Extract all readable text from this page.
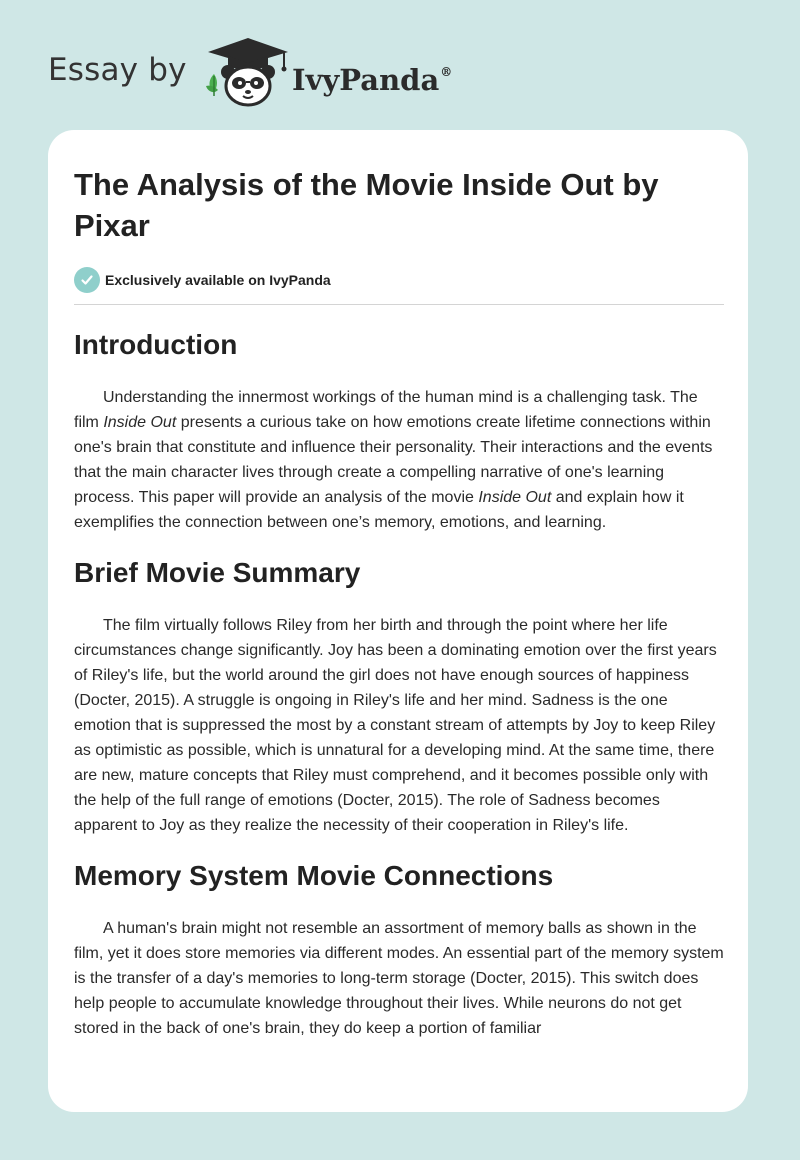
Essay by	IvyPanda®
The Analysis of the Movie Inside Out by Pixar
Exclusively available on IvyPanda
Introduction

Understanding the innermost workings of the human mind is a challenging task. The film Inside Out presents a curious take on how emotions create lifetime connections within one's brain that constitute and influence their personality. Their interactions and the events that the main character lives through create a compelling narrative of one's learning process. This paper will provide an analysis of the movie Inside Out and explain how it exemplifies the connection between one’s memory, emotions, and learning.

Brief Movie Summary

The film virtually follows Riley from her birth and through the point where her life circumstances change significantly. Joy has been a dominating emotion over the first years of Riley's life, but the world around the girl does not have enough sources of happiness (Docter, 2015). A struggle is ongoing in Riley's life and her mind. Sadness is the one emotion that is suppressed the most by a constant stream of attempts by Joy to keep Riley as optimistic as possible, which is unnatural for a developing mind. At the same time, there are new, mature concepts that Riley must comprehend, and it becomes possible only with the help of the full range of emotions (Docter, 2015). The role of Sadness becomes apparent to Joy as they realize the necessity of their cooperation in Riley's life.

Memory System Movie Connections

A human's brain might not resemble an assortment of memory balls as shown in the film, yet it does store memories via different modes. An essential part of the memory system is the transfer of a day's memories to long-term storage (Docter, 2015). This switch does help people to accumulate knowledge throughout their lives. While neurons do not get stored in the back of one's brain, they do keep a portion of familiar
